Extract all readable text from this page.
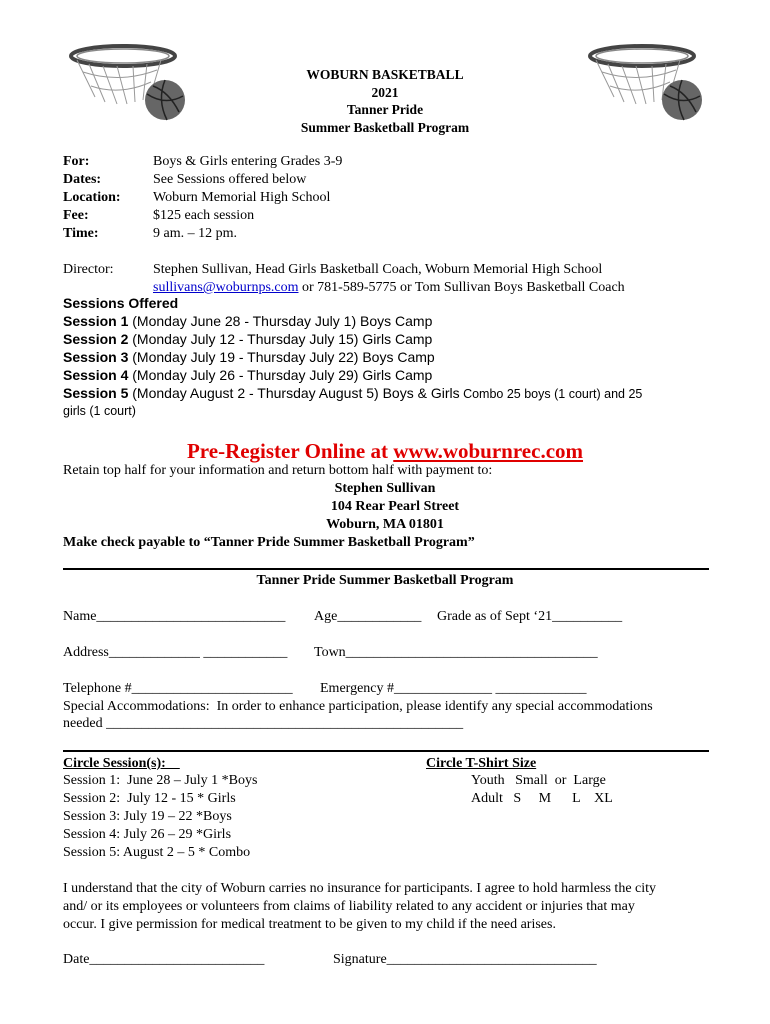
WOBURN BASKETBALL
2021
Tanner Pride
Summer Basketball Program
For:	Boys & Girls entering Grades 3-9
Dates:	See Sessions offered below
Location: Woburn Memorial High School
Fee:	$125 each session
Time:	9 am. – 12 pm.
Director:	Stephen Sullivan, Head Girls Basketball Coach, Woburn Memorial High School
sullivans@woburnps.com or 781-589-5775 or Tom Sullivan Boys Basketball Coach
Sessions Offered
Session 1 (Monday June 28 - Thursday July 1) Boys Camp
Session 2 (Monday July 12 - Thursday July 15) Girls Camp
Session 3 (Monday July 19 - Thursday July 22) Boys Camp
Session 4 (Monday July 26 - Thursday July 29) Girls Camp
Session 5 (Monday August 2 - Thursday August 5) Boys & Girls Combo 25 boys (1 court) and 25
girls (1 court)
Pre-Register Online at www.woburnrec.com
Retain top half for your information and return bottom half with payment to:
Stephen Sullivan
104 Rear Pearl Street
Woburn, MA 01801
Make check payable to “Tanner Pride Summer Basketball Program”
Tanner Pride Summer Basketball Program
Name___________________________ Age____________ Grade as of Sept ‘21__________
Address_____________ ____________ Town____________________________________
Telephone #_______________________ Emergency #______________ _____________
Special Accommodations:  In order to enhance participation, please identify any special accommodations
needed ___________________________________________________
Circle Session(s):
Session 1:  June 28 – July 1 *Boys
Session 2:  July 12 - 15 * Girls
Session 3: July 19 – 22 *Boys
Session 4: July 26 – 29 *Girls
Session 5: August 2 – 5 * Combo
Circle T-Shirt Size
Youth   Small  or  Large
Adult   S     M      L    XL
I understand that the city of Woburn carries no insurance for participants. I agree to hold harmless the city
and/ or its employees or volunteers from claims of liability related to any accident or injuries that may
occur. I give permission for medical treatment to be given to my child if the need arises.
Date_________________________	Signature______________________________
